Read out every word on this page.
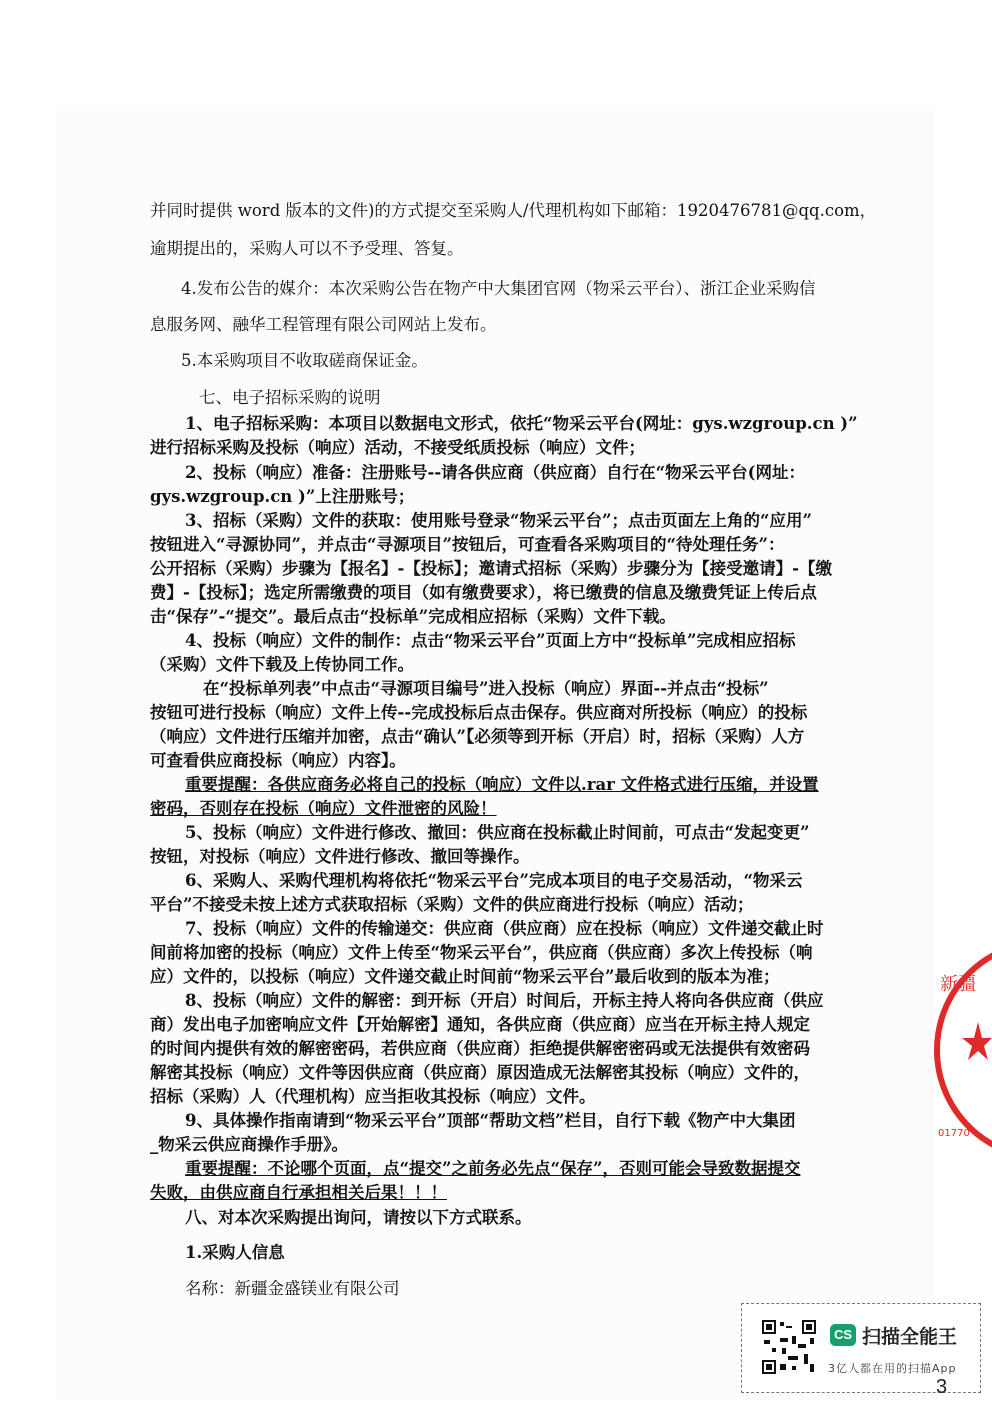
并同时提供 word 版本的文件)的方式提交至采购人/代理机构如下邮箱：1920476781@qq.com，
逾期提出的，采购人可以不予受理、答复。
4.发布公告的媒介：本次采购公告在物产中大集团官网（物采云平台）、浙江企业采购信
息服务网、融华工程管理有限公司网站上发布。
5.本采购项目不收取磋商保证金。
七、电子招标采购的说明
1、电子招标采购：本项目以数据电文形式，依托“物采云平台(网址：gys.wzgroup.cn )”
进行招标采购及投标（响应）活动，不接受纸质投标（响应）文件；
2、投标（响应）准备：注册账号--请各供应商（供应商）自行在“物采云平台(网址：
gys.wzgroup.cn )”上注册账号；
3、招标（采购）文件的获取：使用账号登录“物采云平台”；点击页面左上角的“应用”
按钮进入“寻源协同”，并点击“寻源项目”按钮后，可查看各采购项目的“待处理任务”：
公开招标（采购）步骤为【报名】-【投标】；邀请式招标（采购）步骤分为【接受邀请】-【缴
费】-【投标】；选定所需缴费的项目（如有缴费要求），将已缴费的信息及缴费凭证上传后点
击“保存”-“提交”。最后点击“投标单”完成相应招标（采购）文件下载。
4、投标（响应）文件的制作：点击“物采云平台”页面上方中“投标单”完成相应招标
（采购）文件下载及上传协同工作。
在“投标单列表”中点击“寻源项目编号”进入投标（响应）界面--并点击“投标”
按钮可进行投标（响应）文件上传--完成投标后点击保存。供应商对所投标（响应）的投标
（响应）文件进行压缩并加密，点击“确认”【必须等到开标（开启）时，招标（采购）人方
可查看供应商投标（响应）内容】。
重要提醒：各供应商务必将自己的投标（响应）文件以.rar 文件格式进行压缩，并设置
密码，否则存在投标（响应）文件泄密的风险！
5、投标（响应）文件进行修改、撤回：供应商在投标截止时间前，可点击“发起变更”
按钮，对投标（响应）文件进行修改、撤回等操作。
6、采购人、采购代理机构将依托“物采云平台”完成本项目的电子交易活动，“物采云
平台”不接受未按上述方式获取招标（采购）文件的供应商进行投标（响应）活动；
7、投标（响应）文件的传输递交：供应商（供应商）应在投标（响应）文件递交截止时
间前将加密的投标（响应）文件上传至“物采云平台”，供应商（供应商）多次上传投标（响
应）文件的，以投标（响应）文件递交截止时间前“物采云平台”最后收到的版本为准；
8、投标（响应）文件的解密：到开标（开启）时间后，开标主持人将向各供应商（供应
商）发出电子加密响应文件【开始解密】通知，各供应商（供应商）应当在开标主持人规定
的时间内提供有效的解密密码，若供应商（供应商）拒绝提供解密密码或无法提供有效密码
解密其投标（响应）文件等因供应商（供应商）原因造成无法解密其投标（响应）文件的，
招标（采购）人（代理机构）应当拒收其投标（响应）文件。
9、具体操作指南请到“物采云平台”顶部“帮助文档”栏目，自行下载《物产中大集团
_物采云供应商操作手册》。
重要提醒：不论哪个页面，点“提交”之前务必先点“保存”，否则可能会导致数据提交
失败，由供应商自行承担相关后果！！！
八、对本次采购提出询问，请按以下方式联系。
1.采购人信息
名称：新疆金盛镁业有限公司
新疆
01770
CS 扫描全能王
3亿人都在用的扫描App
3
